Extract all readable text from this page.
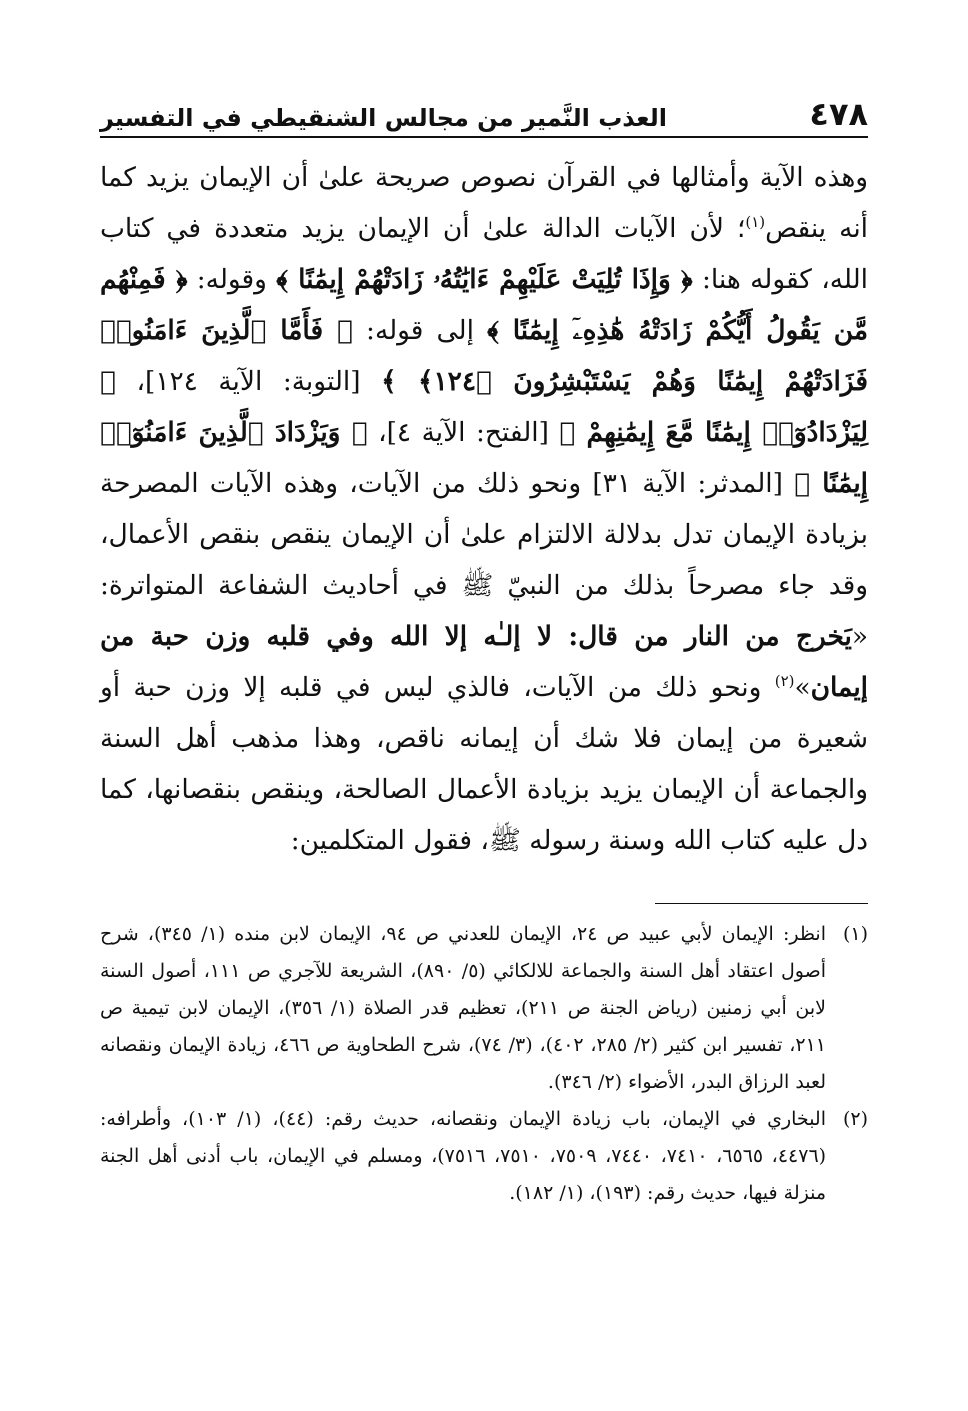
٤٧٨
العذب النَّمير من مجالس الشنقيطي في التفسير

وهذه الآية وأمثالها في القرآن نصوص صريحة علىٰ أن الإيمان يزيد كما أنه ينقص$^{(١)}$؛ لأن الآيات الدالة علىٰ أن الإيمان يزيد متعددة في كتاب الله، كقوله هنا: ﴿ وَإِذَا تُلِيَتْ عَلَيْهِمْ ءَايَٰتُهُۥ زَادَتْهُمْ إِيمَٰنًا ﴾ وقوله: ﴿ فَمِنْهُم مَّن يَقُولُ أَيُّكُمْ زَادَتْهُ هَٰذِهِۦٓ إِيمَٰنًا ﴾ إلى قوله: ﴿ فَأَمَّا ٱلَّذِينَ ءَامَنُوا۟ فَزَادَتْهُمْ إِيمَٰنًا وَهُمْ يَسْتَبْشِرُونَ ﴿١٢٤﴾ ﴾ [التوبة: الآية ١٢٤]، ﴿ لِيَزْدَادُوٓا۟ إِيمَٰنًا مَّعَ إِيمَٰنِهِمْ ﴾ [الفتح: الآية ٤]، ﴿ وَيَزْدَادَ ٱلَّذِينَ ءَامَنُوٓا۟ إِيمَٰنًا ﴾ [المدثر: الآية ٣١] ونحو ذلك من الآيات، وهذه الآيات المصرحة بزيادة الإيمان تدل بدلالة الالتزام علىٰ أن الإيمان ينقص بنقص الأعمال، وقد جاء مصرحاً بذلك من النبيّ ﷺ في أحاديث الشفاعة المتواترة: «يَخرج من النار من قال: لا إلـٰه إلا الله وفي قلبه وزن حبة من إيمان»$^{(٢)}$ ونحو ذلك من الآيات، فالذي ليس في قلبه إلا وزن حبة أو شعيرة من إيمان فلا شك أن إيمانه ناقص، وهذا مذهب أهل السنة والجماعة أن الإيمان يزيد بزيادة الأعمال الصالحة، وينقص بنقصانها، كما دل عليه كتاب الله وسنة رسوله ﷺ، فقول المتكلمين:

(١)
انظر: الإيمان لأبي عبيد ص ٢٤، الإيمان للعدني ص ٩٤، الإيمان لابن منده (١/ ٣٤٥)، شرح أصول اعتقاد أهل السنة والجماعة للالكائي (٥/ ٨٩٠)، الشريعة للآجري ص ١١١، أصول السنة لابن أبي زمنين (رياض الجنة ص ٢١١)، تعظيم قدر الصلاة (١/ ٣٥٦)، الإيمان لابن تيمية ص ٢١١، تفسير ابن كثير (٢/ ٢٨٥، ٤٠٢)، (٣/ ٧٤)، شرح الطحاوية ص ٤٦٦، زيادة الإيمان ونقصانه لعبد الرزاق البدر، الأضواء (٢/ ٣٤٦).
(٢)
البخاري في الإيمان، باب زيادة الإيمان ونقصانه، حديث رقم: (٤٤)، (١/ ١٠٣)، وأطرافه: (٤٤٧٦، ٦٥٦٥، ٧٤١٠، ٧٤٤٠، ٧٥٠٩، ٧٥١٠، ٧٥١٦)، ومسلم في الإيمان، باب أدنى أهل الجنة منزلة فيها، حديث رقم: (١٩٣)، (١/ ١٨٢).
